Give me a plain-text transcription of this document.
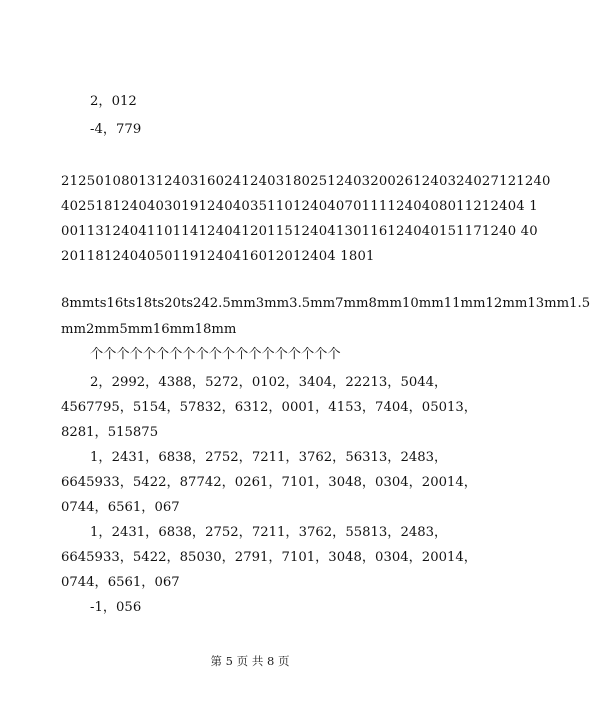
2，012
-4，779
212501080131240316024124031802512403200261240324027121240
402518124040301912404035110124040701111240408011212404 1
00113124041101141240412011512404130116124040151171240 40
20118124040501191240416012012404 1801
8mmts16ts18ts20ts242.5mm3mm3.5mm7mm8mm10mm11mm12mm13mm1.5
mm2mm5mm16mm18mm
个个个个个个个个个个个个个个个个个个个
2，2992，4388，5272，0102，3404，22213，5044，
4567795，5154，57832，6312，0001，4153，7404，05013，
8281，515875
1，2431，6838，2752，7211，3762，56313，2483，
6645933，5422，87742，0261，7101，3048，0304，20014，
0744，6561，067
1，2431，6838，2752，7211，3762，55813，2483，
6645933，5422，85030，2791，7101，3048，0304，20014，
0744，6561，067
-1，056
第 5 页 共 8 页
